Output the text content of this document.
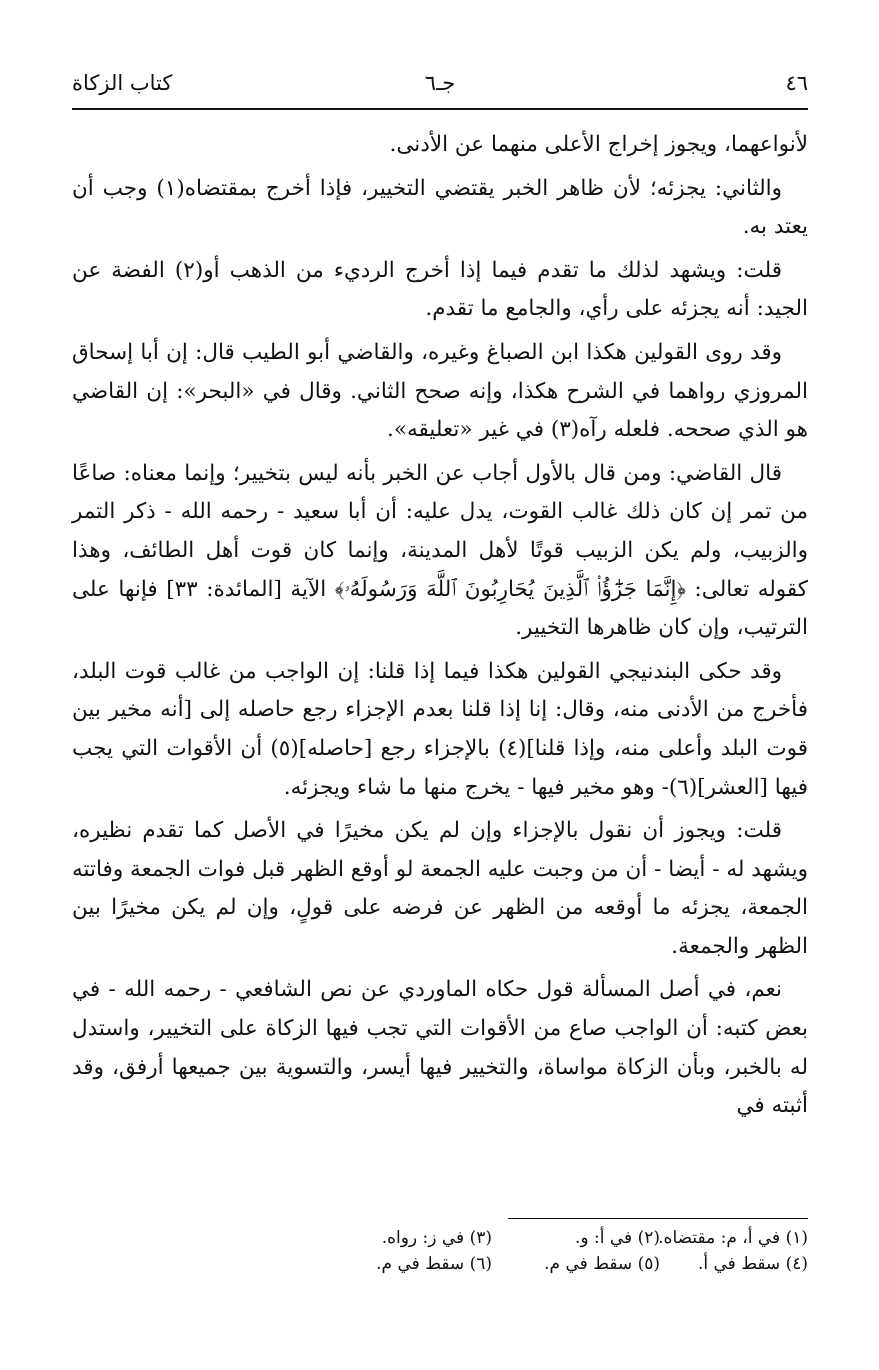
٤٦
جـ٦
كتاب الزكاة

لأنواعهما، ويجوز إخراج الأعلى منهما عن الأدنى.

والثاني: يجزئه؛ لأن ظاهر الخبر يقتضي التخيير، فإذا أخرج بمقتضاه(١) وجب أن يعتد به.

قلت: ويشهد لذلك ما تقدم فيما إذا أخرج الرديء من الذهب أو(٢) الفضة عن الجيد: أنه يجزئه على رأي، والجامع ما تقدم.

وقد روى القولين هكذا ابن الصباغ وغيره، والقاضي أبو الطيب قال: إن أبا إسحاق المروزي رواهما في الشرح هكذا، وإنه صحح الثاني. وقال في «البحر»: إن القاضي هو الذي صححه. فلعله رآه(٣) في غير «تعليقه».

قال القاضي: ومن قال بالأول أجاب عن الخبر بأنه ليس بتخيير؛ وإنما معناه: صاعًا من تمر إن كان ذلك غالب القوت، يدل عليه: أن أبا سعيد - رحمه الله - ذكر التمر والزبيب، ولم يكن الزبيب قوتًا لأهل المدينة، وإنما كان قوت أهل الطائف، وهذا كقوله تعالى: ﴿إِنَّمَا جَزَٰٓؤُا۟ ٱلَّذِينَ يُحَارِبُونَ ٱللَّهَ وَرَسُولَهُۥ﴾ الآية [المائدة: ٣٣] فإنها على الترتيب، وإن كان ظاهرها التخيير.

وقد حكى البندنيجي القولين هكذا فيما إذا قلنا: إن الواجب من غالب قوت البلد، فأخرج من الأدنى منه، وقال: إنا إذا قلنا بعدم الإجزاء رجع حاصله إلى [أنه مخير بين قوت البلد وأعلى منه، وإذا قلنا](٤) بالإجزاء رجع [حاصله](٥) أن الأقوات التي يجب فيها [العشر](٦)- وهو مخير فيها - يخرج منها ما شاء ويجزئه.

قلت: ويجوز أن نقول بالإجزاء وإن لم يكن مخيرًا في الأصل كما تقدم نظيره، ويشهد له - أيضا - أن من وجبت عليه الجمعة لو أوقع الظهر قبل فوات الجمعة وفاتته الجمعة، يجزئه ما أوقعه من الظهر عن فرضه على قولٍ، وإن لم يكن مخيرًا بين الظهر والجمعة.

نعم، في أصل المسألة قول حكاه الماوردي عن نص الشافعي - رحمه الله - في بعض كتبه: أن الواجب صاع من الأقوات التي تجب فيها الزكاة على التخيير، واستدل له بالخبر، وبأن الزكاة مواساة، والتخيير فيها أيسر، والتسوية بين جميعها أرفق، وقد أثبته في

(١) في أ، م: مقتضاه.
(٢) في أ: و.
(٣) في ز: رواه.
(٤) سقط في أ.
(٥) سقط في م.
(٦) سقط في م.
